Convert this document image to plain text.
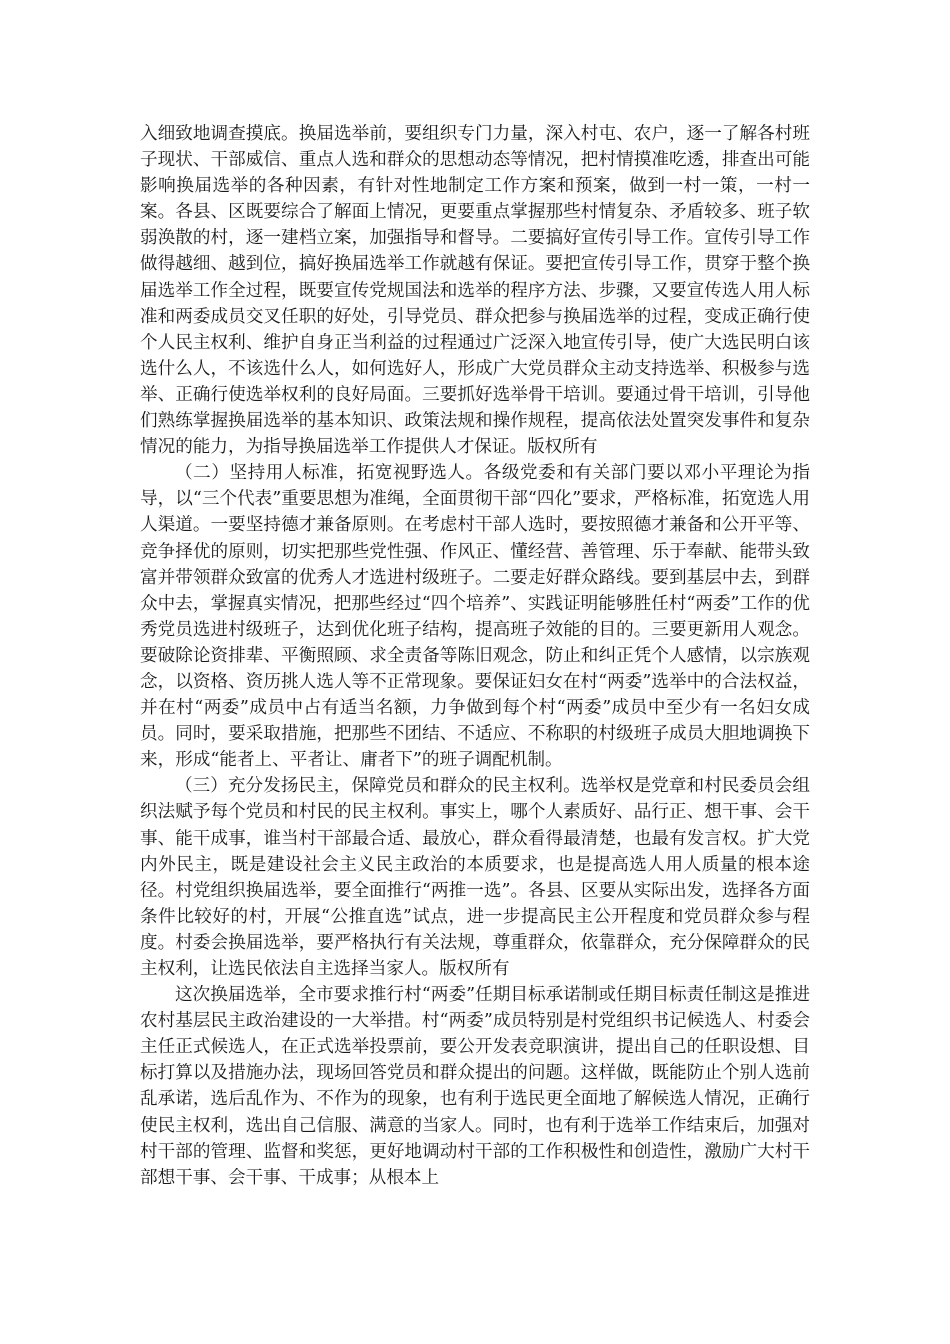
入细致地调查摸底。换届选举前，要组织专门力量，深入村屯、农户，逐一了解各村班子现状、干部威信、重点人选和群众的思想动态等情况，把村情摸准吃透，排查出可能影响换届选举的各种因素，有针对性地制定工作方案和预案，做到一村一策，一村一案。各县、区既要综合了解面上情况，更要重点掌握那些村情复杂、矛盾较多、班子软弱涣散的村，逐一建档立案，加强指导和督导。二要搞好宣传引导工作。宣传引导工作做得越细、越到位，搞好换届选举工作就越有保证。要把宣传引导工作，贯穿于整个换届选举工作全过程，既要宣传党规国法和选举的程序方法、步骤，又要宣传选人用人标准和两委成员交叉任职的好处，引导党员、群众把参与换届选举的过程，变成正确行使个人民主权利、维护自身正当利益的过程通过广泛深入地宣传引导，使广大选民明白该选什么人，不该选什么人，如何选好人，形成广大党员群众主动支持选举、积极参与选举、正确行使选举权利的良好局面。三要抓好选举骨干培训。要通过骨干培训，引导他们熟练掌握换届选举的基本知识、政策法规和操作规程，提高依法处置突发事件和复杂情况的能力，为指导换届选举工作提供人才保证。版权所有

（二）坚持用人标准，拓宽视野选人。各级党委和有关部门要以邓小平理论为指导，以“三个代表”重要思想为准绳，全面贯彻干部“四化”要求，严格标准，拓宽选人用人渠道。一要坚持德才兼备原则。在考虑村干部人选时，要按照德才兼备和公开平等、竞争择优的原则，切实把那些党性强、作风正、懂经营、善管理、乐于奉献、能带头致富并带领群众致富的优秀人才选进村级班子。二要走好群众路线。要到基层中去，到群众中去，掌握真实情况，把那些经过“四个培养”、实践证明能够胜任村“两委”工作的优秀党员选进村级班子，达到优化班子结构，提高班子效能的目的。三要更新用人观念。要破除论资排辈、平衡照顾、求全责备等陈旧观念，防止和纠正凭个人感情，以宗族观念，以资格、资历挑人选人等不正常现象。要保证妇女在村“两委”选举中的合法权益，并在村“两委”成员中占有适当名额，力争做到每个村“两委”成员中至少有一名妇女成员。同时，要采取措施，把那些不团结、不适应、不称职的村级班子成员大胆地调换下来，形成“能者上、平者让、庸者下”的班子调配机制。

（三）充分发扬民主，保障党员和群众的民主权利。选举权是党章和村民委员会组织法赋予每个党员和村民的民主权利。事实上，哪个人素质好、品行正、想干事、会干事、能干成事，谁当村干部最合适、最放心，群众看得最清楚，也最有发言权。扩大党内外民主，既是建设社会主义民主政治的本质要求，也是提高选人用人质量的根本途径。村党组织换届选举，要全面推行“两推一选”。各县、区要从实际出发，选择各方面条件比较好的村，开展“公推直选”试点，进一步提高民主公开程度和党员群众参与程度。村委会换届选举，要严格执行有关法规，尊重群众，依靠群众，充分保障群众的民主权利，让选民依法自主选择当家人。版权所有

这次换届选举，全市要求推行村“两委”任期目标承诺制或任期目标责任制这是推进农村基层民主政治建设的一大举措。村“两委”成员特别是村党组织书记候选人、村委会主任正式候选人，在正式选举投票前，要公开发表竞职演讲，提出自己的任职设想、目标打算以及措施办法，现场回答党员和群众提出的问题。这样做，既能防止个别人选前乱承诺，选后乱作为、不作为的现象，也有利于选民更全面地了解候选人情况，正确行使民主权利，选出自己信服、满意的当家人。同时，也有利于选举工作结束后，加强对村干部的管理、监督和奖惩，更好地调动村干部的工作积极性和创造性，激励广大村干部想干事、会干事、干成事；从根本上
